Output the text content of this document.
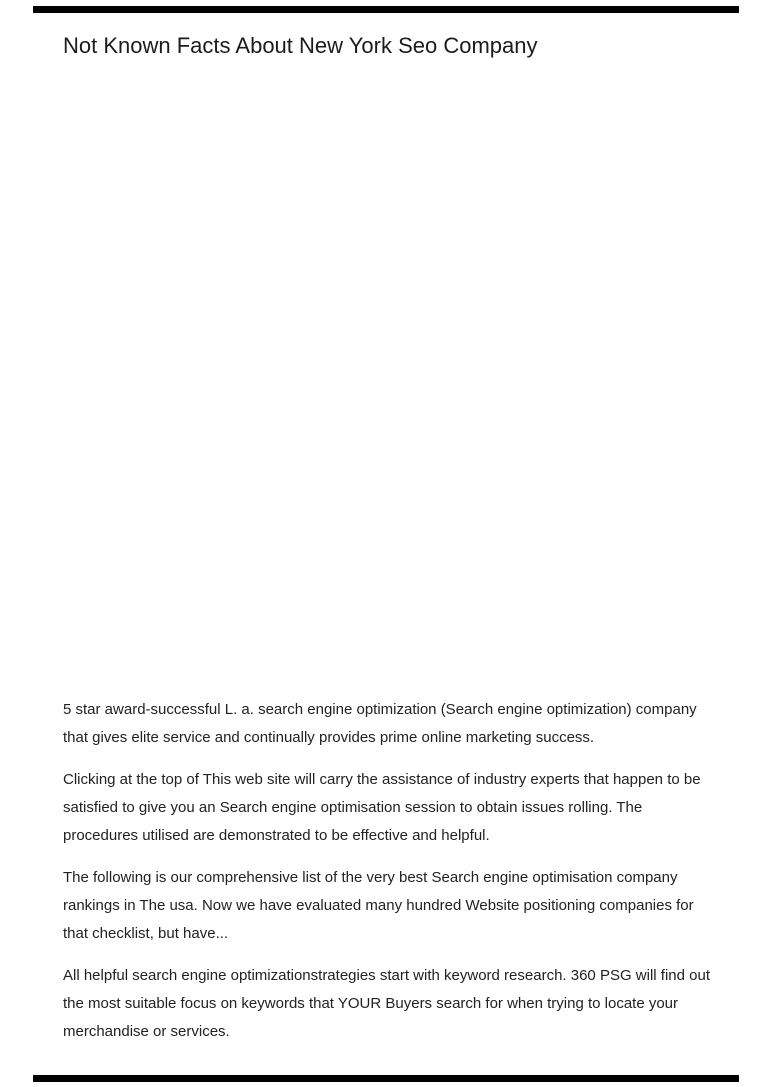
Not Known Facts About New York Seo Company

5 star award-successful L. a. search engine optimization (Search engine optimization) company that gives elite service and continually provides prime online marketing success.

Clicking at the top of This web site will carry the assistance of industry experts that happen to be satisfied to give you an Search engine optimisation session to obtain issues rolling. The procedures utilised are demonstrated to be effective and helpful.

The following is our comprehensive list of the very best Search engine optimisation company rankings in The usa. Now we have evaluated many hundred Website positioning companies for that checklist, but have...

All helpful search engine optimizationstrategies start with keyword research. 360 PSG will find out the most suitable focus on keywords that YOUR Buyers search for when trying to locate your merchandise or services.
